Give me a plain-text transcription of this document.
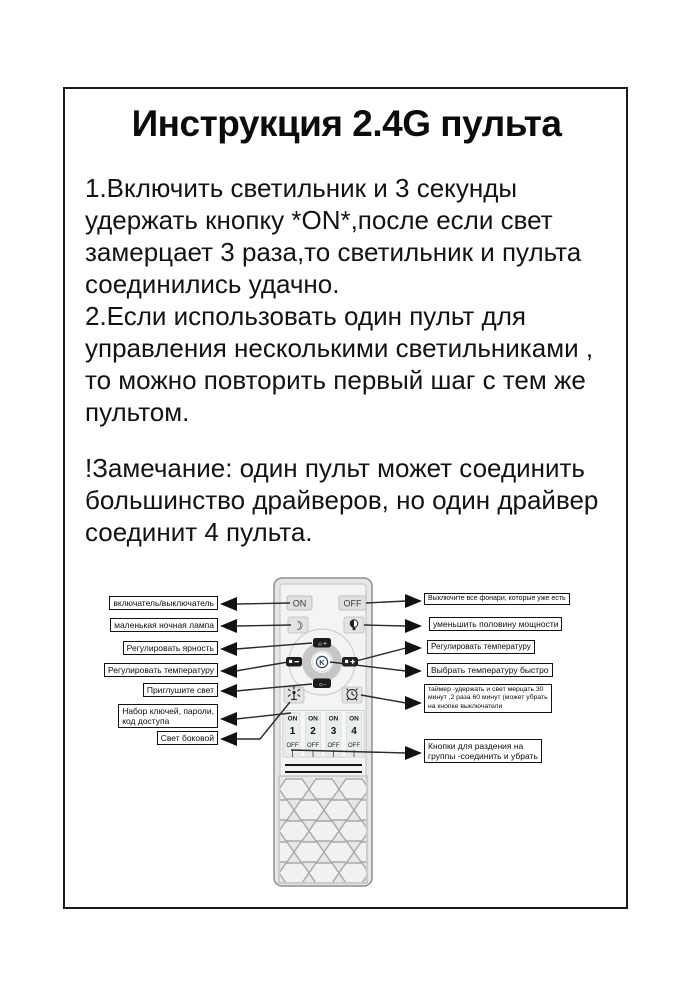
Инструкция 2.4G пульта
1.Включить светильник и 3 секунды
удержать кнопку *ON*,после если свет
замерцает 3 раза,то светильник и пульта
соединились удачно.
2.Если использовать один пульт для
управления несколькими светильниками ,
то можно повторить первый шаг с тем же
пультом.
!Замечание: один пульт может соединить
большинство драйверов, но один драйвер
соединит 4 пульта.
ON	OFF
☽
K
☼+
☼-
ON
1
OFF
ON
2
OFF
ON
3
OFF
ON
4
OFF
включатель/выключатель
маленькая ночная лампа
Регулировать ярность
Регулировать температуру
Приглушите свет
Набор ключей, пароли,
код доступа
Свет боковой
Выключите все фонари, которые уже есть
уменьшить половину мощности
Регулировать температуру
Выбрать температуру быстро
таймер -удержать и свет мерцать 30
минут ,2 раза 60 минут (может убрать
на кнопке выключатели
Кнопки для раздения на
группы -соединить и убрать
